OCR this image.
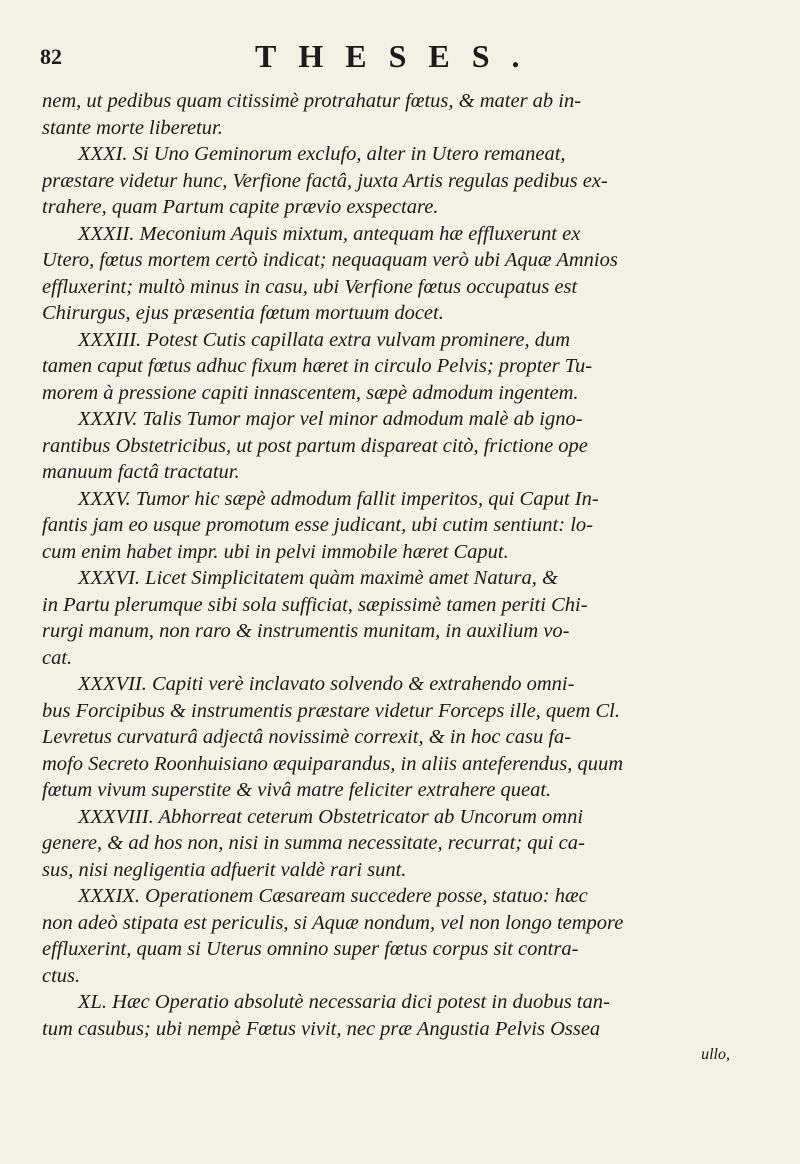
82	THESES.
nem, ut pedibus quam citissimè protrahatur fœtus, & mater ab in-
stante morte liberetur.
XXXI. Si Uno Geminorum exclufo, alter in Utero remaneat,
præstare videtur hunc, Verfione factâ, juxta Artis regulas pedibus ex-
trahere, quam Partum capite prævio exspectare.
XXXII. Meconium Aquis mixtum, antequam hæ effluxerunt ex
Utero, fœtus mortem certò indicat; nequaquam verò ubi Aquæ Amnios
effluxerint; multò minus in casu, ubi Verfione fœtus occupatus est
Chirurgus, ejus præsentia fœtum mortuum docet.
XXXIII. Potest Cutis capillata extra vulvam prominere, dum
tamen caput fœtus adhuc fixum hæret in circulo Pelvis; propter Tu-
morem à pressione capiti innascentem, sæpè admodum ingentem.
XXXIV. Talis Tumor major vel minor admodum malè ab igno-
rantibus Obstetricibus, ut post partum dispareat citò, frictione ope
manuum factâ tractatur.
XXXV. Tumor hic sæpè admodum fallit imperitos, qui Caput In-
fantis jam eo usque promotum esse judicant, ubi cutim sentiunt: lo-
cum enim habet impr. ubi in pelvi immobile hæret Caput.
XXXVI. Licet Simplicitatem quàm maximè amet Natura, &
in Partu plerumque sibi sola sufficiat, sæpissimè tamen periti Chi-
rurgi manum, non raro & instrumentis munitam, in auxilium vo-
cat.
XXXVII. Capiti verè inclavato solvendo & extrahendo omni-
bus Forcipibus & instrumentis præstare videtur Forceps ille, quem Cl.
Levretus curvaturâ adjectâ novissimè correxit, & in hoc casu fa-
mofo Secreto Roonhuisiano æquiparandus, in aliis anteferendus, quum
fœtum vivum superstite & vivâ matre feliciter extrahere queat.
XXXVIII. Abhorreat ceterum Obstetricator ab Uncorum omni
genere, & ad hos non, nisi in summa necessitate, recurrat; qui ca-
sus, nisi negligentia adfuerit valdè rari sunt.
XXXIX. Operationem Cæsaream succedere posse, statuo: hæc
non adeò stipata est periculis, si Aquæ nondum, vel non longo tempore
effluxerint, quam si Uterus omnino super fœtus corpus sit contra-
ctus.
XL. Hæc Operatio absolutè necessaria dici potest in duobus tan-
tum casubus; ubi nempè Fœtus vivit, nec præ Angustia Pelvis Ossea
ullo,
